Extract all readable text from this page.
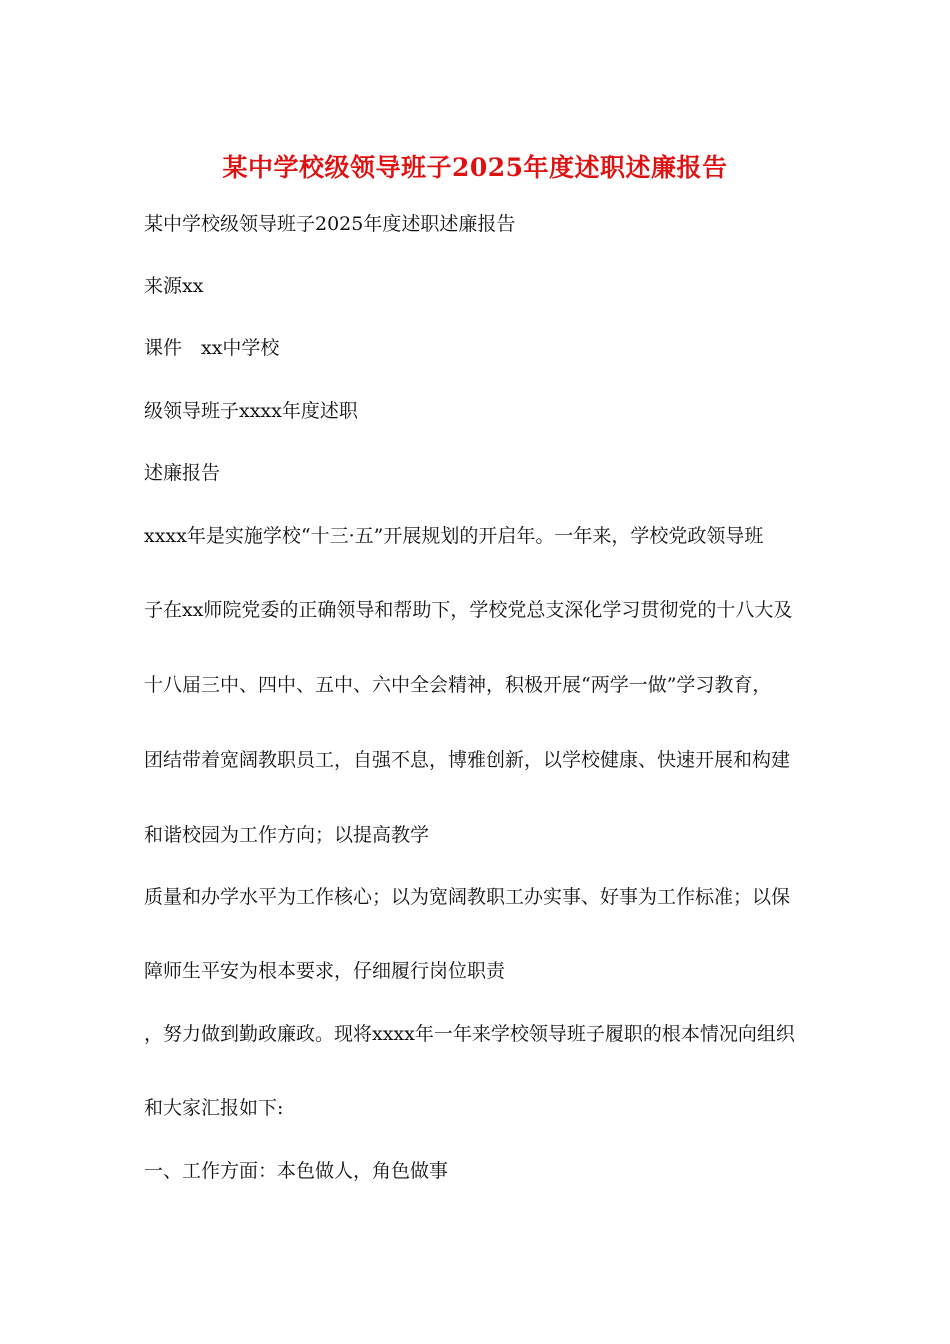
某中学校级领导班子2025年度述职述廉报告
某中学校级领导班子2025年度述职述廉报告
来源xx
课件　xx中学校
级领导班子xxxx年度述职
述廉报告
xxxx年是实施学校“十三·五”开展规划的开启年。一年来，学校党政领导班
子在xx师院党委的正确领导和帮助下，学校党总支深化学习贯彻党的十八大及
十八届三中、四中、五中、六中全会精神，积极开展“两学一做”学习教育，
团结带着宽阔教职员工，自强不息，博雅创新，以学校健康、快速开展和构建
和谐校园为工作方向；以提高教学
质量和办学水平为工作核心；以为宽阔教职工办实事、好事为工作标准；以保
障师生平安为根本要求，仔细履行岗位职责
，努力做到勤政廉政。现将xxxx年一年来学校领导班子履职的根本情况向组织
和大家汇报如下:
一、工作方面：本色做人，角色做事
